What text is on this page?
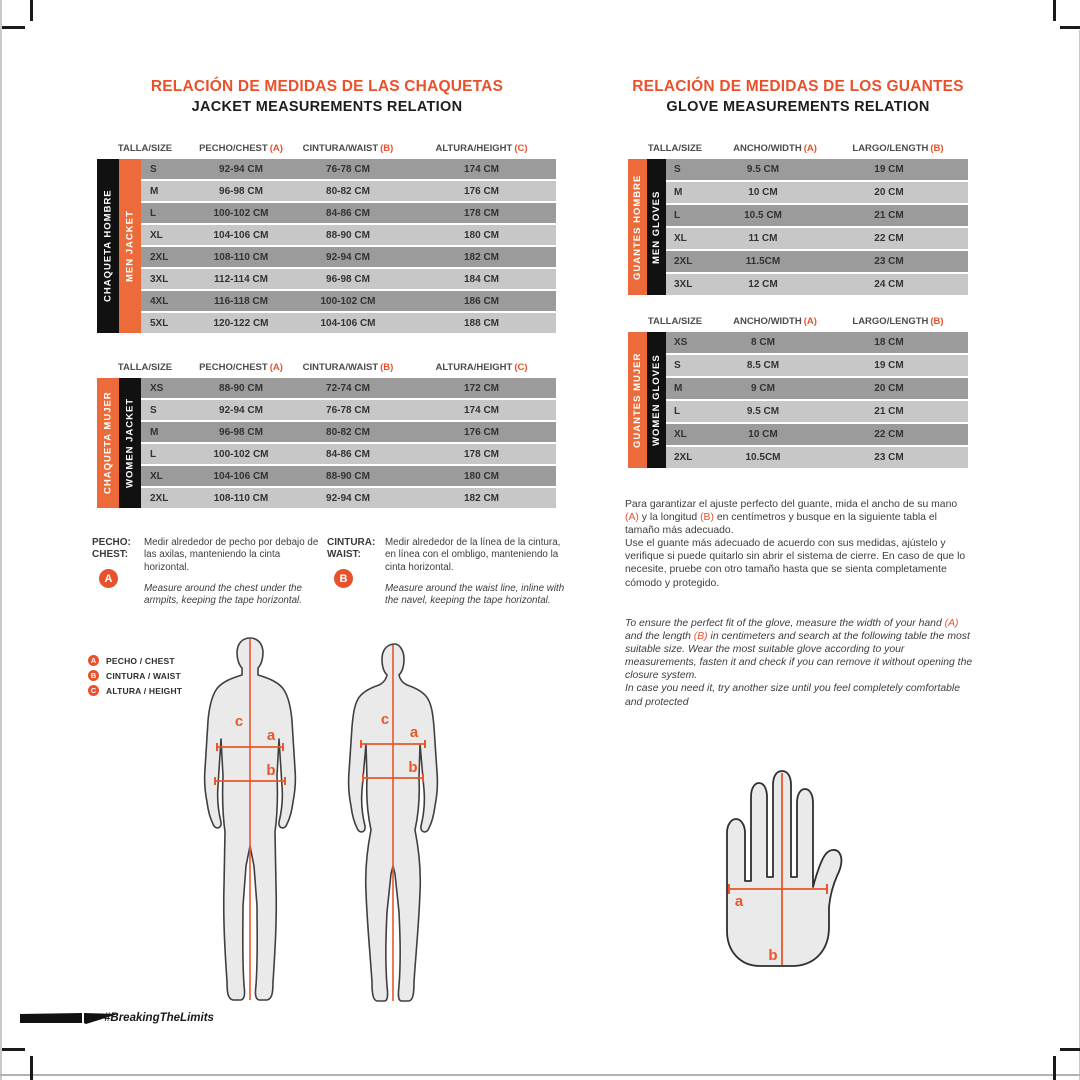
RELACIÓN DE MEDIDAS DE LAS CHAQUETAS
JACKET MEASUREMENTS RELATION
TALLA/SIZE	PECHO/CHEST (A)	CINTURA/WAIST (B)	ALTURA/HEIGHT (C)
CHAQUETA HOMBRE	MEN JACKET
S	92-94 CM	76-78 CM	174 CM
M	96-98 CM	80-82 CM	176 CM
L	100-102 CM	84-86 CM	178 CM
XL	104-106 CM	88-90 CM	180 CM
2XL	108-110 CM	92-94 CM	182 CM
3XL	112-114 CM	96-98 CM	184 CM
4XL	116-118 CM	100-102 CM	186 CM
5XL	120-122 CM	104-106 CM	188 CM
TALLA/SIZE	PECHO/CHEST (A)	CINTURA/WAIST (B)	ALTURA/HEIGHT (C)
CHAQUETA MUJER	WOMEN JACKET
XS	88-90 CM	72-74 CM	172 CM
S	92-94 CM	76-78 CM	174 CM
M	96-98 CM	80-82 CM	176 CM
L	100-102 CM	84-86 CM	178 CM
XL	104-106 CM	88-90 CM	180 CM
2XL	108-110 CM	92-94 CM	182 CM
PECHO:
CHEST:
A
Medir alrededor de pecho por debajo de las axilas, manteniendo la cinta horizontal.
Measure around the chest under the armpits, keeping the tape horizontal.
CINTURA:
WAIST:
B
Medir alrededor de la línea de la cintura, en línea con el ombligo, manteniendo la cinta horizontal.
Measure around the waist line, inline with the navel, keeping the tape horizontal.
A	PECHO / CHEST
B	CINTURA / WAIST
C	ALTURA / HEIGHT
c
a
b
c
a
b
RELACIÓN DE MEDIDAS DE LOS GUANTES
GLOVE MEASUREMENTS RELATION
TALLA/SIZE	ANCHO/WIDTH (A)	LARGO/LENGTH (B)
GUANTES HOMBRE MEN GLOVES
S	9.5 CM	19 CM
M	10 CM	20 CM
L	10.5 CM	21 CM
XL	11 CM	22 CM
2XL	11.5CM	23 CM
3XL	12 CM	24 CM
TALLA/SIZE	ANCHO/WIDTH (A)	LARGO/LENGTH (B)
GUANTES MUJER WOMEN GLOVES
XS	8 CM	18 CM
S	8.5 CM	19 CM
M	9 CM	20 CM
L	9.5 CM	21 CM
XL	10 CM	22 CM
2XL	10.5CM	23 CM

Para garantizar el ajuste perfecto del guante, mida el ancho de su mano (A) y la longitud (B) en centímetros y busque en la siguiente tabla el tamaño más adecuado.
Use el guante más adecuado de acuerdo con sus medidas, ajústelo y verifique si puede quitarlo sin abrir el sistema de cierre. En caso de que lo necesite, pruebe con otro tamaño hasta que se sienta completamente cómodo y protegido.

To ensure the perfect fit of the glove, measure the width of your hand (A) and the length (B) in centimeters and search at the following table the most suitable size. Wear the most suitable glove according to your measurements, fasten it and check if you can remove it without opening the closure system.
In case you need it, try another size until you feel completely comfortable and protected

a
b
#BreakingTheLimits
